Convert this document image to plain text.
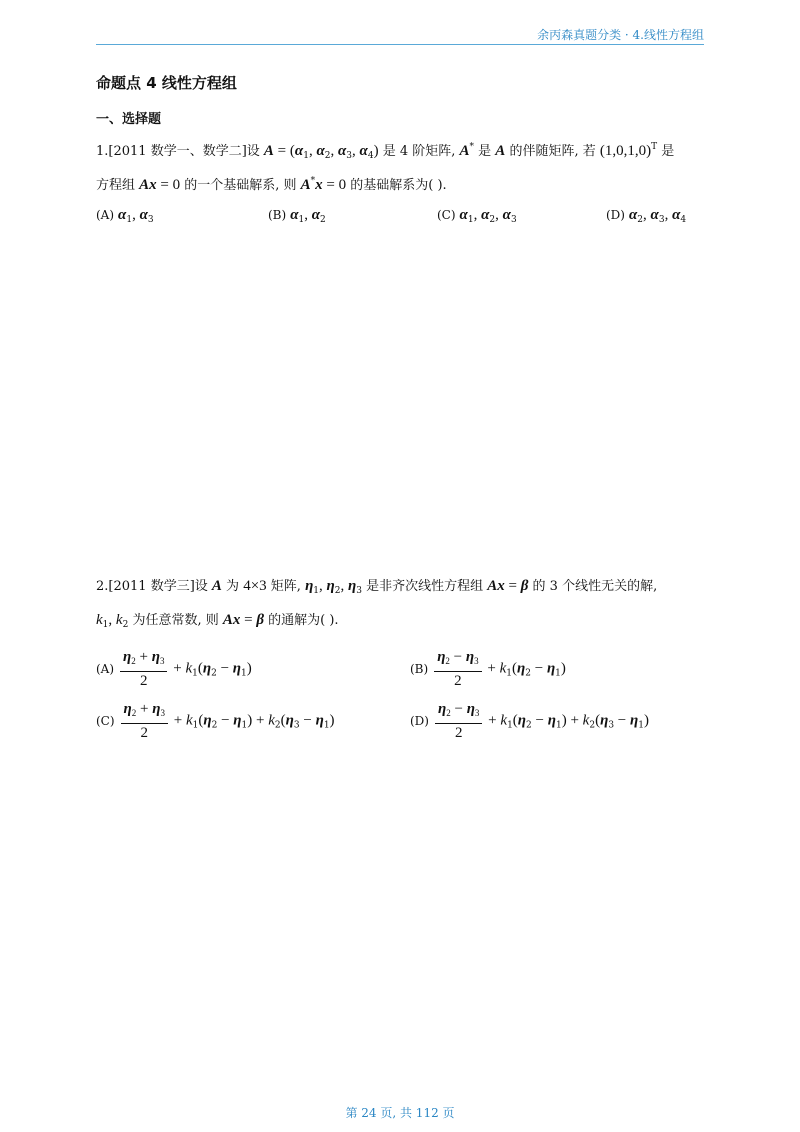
余丙森真题分类 · 4.线性方程组
命题点 4 线性方程组
一、选择题
1.[2011 数学一、数学二]设 $A = (\alpha_1$, $\alpha_2$, $\alpha_3$, $\alpha_4$) 是 4 阶矩阵, A* 是 A 的伴随矩阵, 若 $(1,0,1,0)^T$ 是
方程组 Ax = 0 的一个基础解系, 则 A*x = 0 的基础解系为( ).
(A) $\alpha_1$, $\alpha_3$	(B) $\alpha_1$, $\alpha_2$	(C) $\alpha_1$, $\alpha_2$, $\alpha_3$	(D) $\alpha_2$, $\alpha_3$, $\alpha_4$
2.[2011 数学三]设 A 为 4×3 矩阵, $\eta_1$, $\eta_2$, $\eta_3$ 是非齐次线性方程组 Ax = β 的 3 个线性无关的解,
$k_1$, $k_2$ 为任意常数, 则 Ax = β 的通解为( ).
$(A) \frac{\eta_2 + \eta_3}{2} + k_1(\eta_2 - \eta_1)$	$(B) \frac{\eta_2 - \eta_3}{2} + k_1(\eta_2 - \eta_1)$
$(C) \frac{\eta_2 + \eta_3}{2} + k_1(\eta_2 - \eta_1) + k_2(\eta_3 - \eta_1)$	$(D) \frac{\eta_2 - \eta_3}{2} + k_1(\eta_2 - \eta_1) + k_2(\eta_3 - \eta_1)$
第 24 页, 共 112 页
